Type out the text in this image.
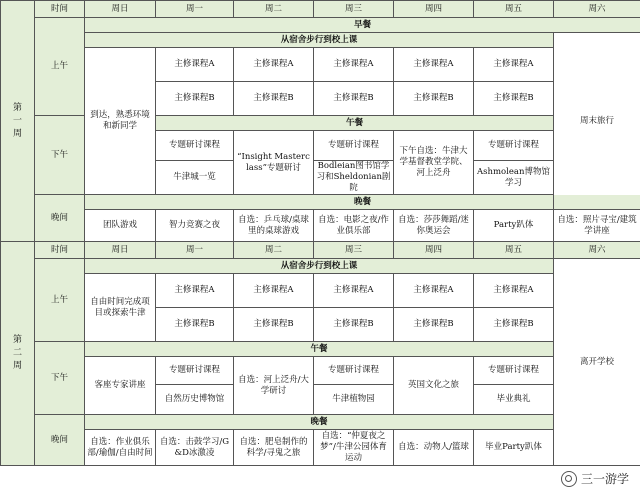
第一周	时间	周日	周一	周二	周三	周四	周五	周六
	上午	早餐						
		从宿舍步行到校上课						周末旅行
		到达，熟悉环境和新同学	主修课程A	主修课程A	主修课程A	主修课程A	主修课程A	
			主修课程B	主修课程B	主修课程B	主修课程B	主修课程B	
	下午		午餐					
			专题研讨课程	“Insight Masterclass”专题研讨	专题研讨课程	下午自选：牛津大学基督教堂学院、河上泛舟	专题研讨课程	
			牛津城一览		Bodleian图书馆学习和Sheldonian剧院		Ashmolean博物馆学习	
	晚间	晚餐						
		团队游戏	智力竞赛之夜	自选：乒乓球/桌球里的桌球游戏	自选：电影之夜/作业俱乐部	自选：莎莎舞蹈/迷你奥运会	Party趴体	自选：照片寻宝/建筑学讲座

第二周	时间	周日	周一	周二	周三	周四	周五	周六
	上午	从宿舍步行到校上课						离开学校
		自由时间完成项目或探索牛津	主修课程A	主修课程A	主修课程A	主修课程A	主修课程A	
			主修课程B	主修课程B	主修课程B	主修课程B	主修课程B	
	下午	午餐						
		客座专家讲座	专题研讨课程	自选：河上泛舟/大学研讨	专题研讨课程	英国文化之旅	专题研讨课程	
			自然历史博物馆		牛津植物园		毕业典礼	
	晚间	晚餐						
		自选：作业俱乐部/瑜伽/自由时间	自选：击鼓学习/G&D冰激凌	自选：肥皂制作的科学/寻鬼之旅	自选：“仲夏夜之梦”/牛津公园体育运动	自选：动物人/篮球	毕业Party趴体	

三一游学
